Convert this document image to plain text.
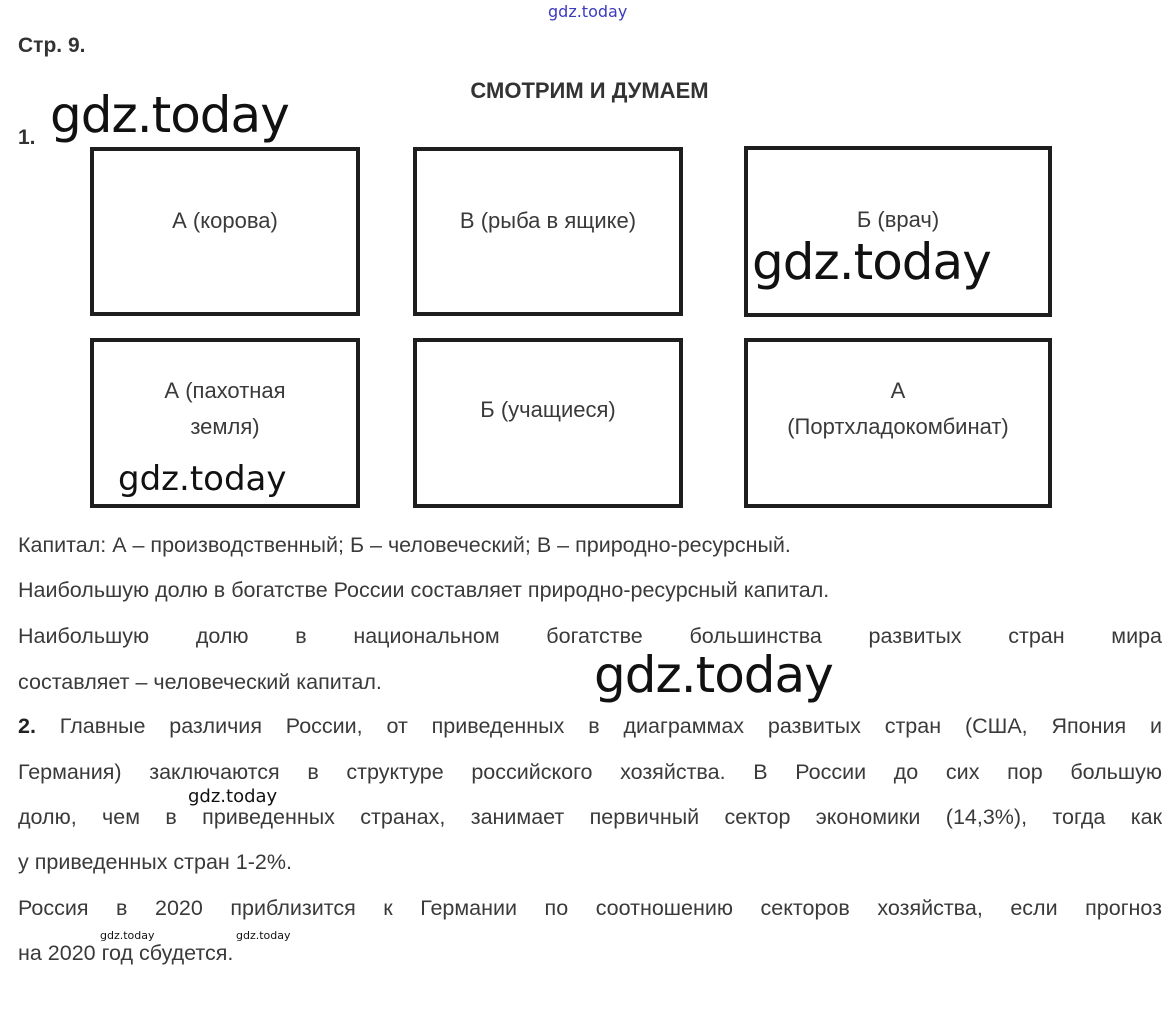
gdz.today
gdz.today
gdz.today
gdz.today
gdz.today
gdz.today
gdz.today	gdz.today
Стр. 9.
СМОТРИМ И ДУМАЕМ
1.
А (корова)	В (рыба в ящике)	Б (врач)
А (пахотная
земля)
Б (учащиеся)
А
(Портхладокомбинат)
Капитал: А – производственный; Б – человеческий; В – природно-ресурсный.
Наибольшую долю в богатстве России составляет природно-ресурсный капитал.
Наибольшую долю в национальном богатстве большинства развитых стран мира
составляет – человеческий капитал.
2. Главные различия России, от приведенных в диаграммах развитых стран (США, Япония и
Германия) заключаются в структуре российского хозяйства. В России до сих пор большую
долю, чем в приведенных странах, занимает первичный сектор экономики (14,3%), тогда как
у приведенных стран 1-2%.
Россия в 2020 приблизится к Германии по соотношению секторов хозяйства, если прогноз
на 2020 год сбудется.
